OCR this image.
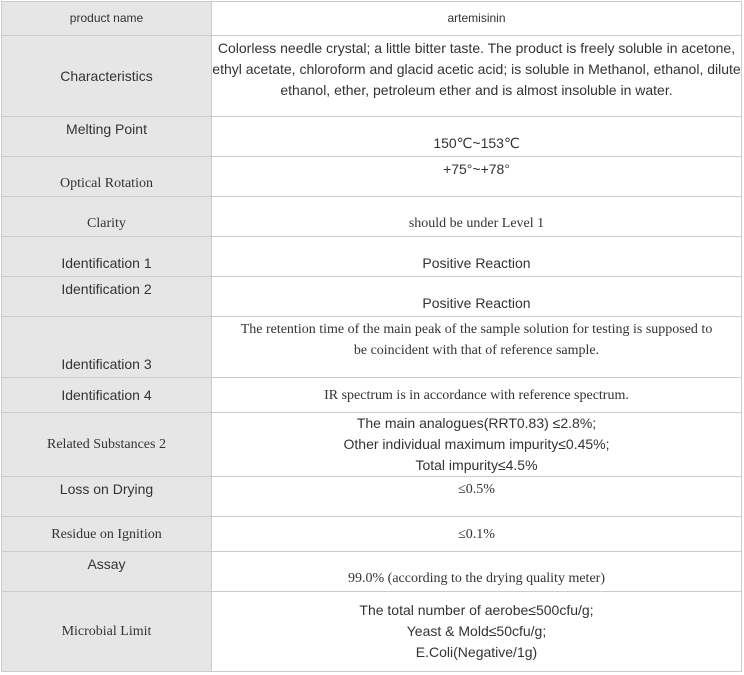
product name	artemisinin
Characteristics	Colorless needle crystal; a little bitter taste. The product is freely soluble in acetone,
ethyl acetate, chloroform and glacid acetic acid; is soluble in Methanol, ethanol, dilute
ethanol, ether, petroleum ether and is almost insoluble in water.

Melting Point	150℃~153℃
Optical Rotation	+75°~+78°
Clarity	should be under Level 1
Identification 1	Positive Reaction
Identification 2	Positive Reaction
Identification 3	The retention time of the main peak of the sample solution for testing is supposed to
be coincident with that of reference sample.

Identification 4	IR spectrum is in accordance with reference spectrum.
Related Substances 2	The main analogues(RRT0.83) ≤2.8%;
Other individual maximum impurity≤0.45%;
Total impurity≤4.5%

Loss on Drying	≤0.5%
Residue on Ignition	≤0.1%
Assay	99.0% (according to the drying quality meter)
Microbial Limit	The total number of aerobe≤500cfu/g;
Yeast & Mold≤50cfu/g;
E.Coli(Negative/1g)
